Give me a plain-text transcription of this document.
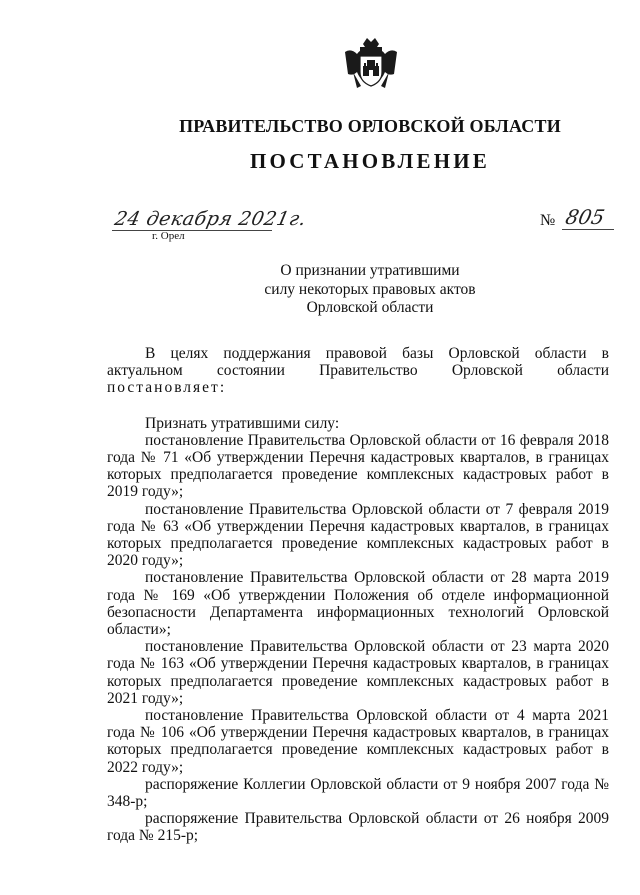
ПРАВИТЕЛЬСТВО ОРЛОВСКОЙ ОБЛАСТИ
ПОСТАНОВЛЕНИЕ
24 декабря 2021г.
г. Орел
№ 805
О признании утратившими
силу некоторых правовых актов
Орловской области

В целях поддержания правовой базы Орловской области в актуальном состоянии Правительство Орловской области постановляет:

Признать утратившими силу:

постановление Правительства Орловской области от 16 февраля 2018 года № 71 «Об утверждении Перечня кадастровых кварталов, в границах которых предполагается проведение комплексных кадастровых работ в 2019 году»;

постановление Правительства Орловской области от 7 февраля 2019 года № 63 «Об утверждении Перечня кадастровых кварталов, в границах которых предполагается проведение комплексных кадастровых работ в 2020 году»;

постановление Правительства Орловской области от 28 марта 2019 года № 169 «Об утверждении Положения об отделе информационной безопасности Департамента информационных технологий Орловской области»;

постановление Правительства Орловской области от 23 марта 2020 года № 163 «Об утверждении Перечня кадастровых кварталов, в границах которых предполагается проведение комплексных кадастровых работ в 2021 году»;

постановление Правительства Орловской области от 4 марта 2021 года № 106 «Об утверждении Перечня кадастровых кварталов, в границах которых предполагается проведение комплексных кадастровых работ в 2022 году»;

распоряжение Коллегии Орловской области от 9 ноября 2007 года № 348-р;

распоряжение Правительства Орловской области от 26 ноября 2009 года № 215-р;
